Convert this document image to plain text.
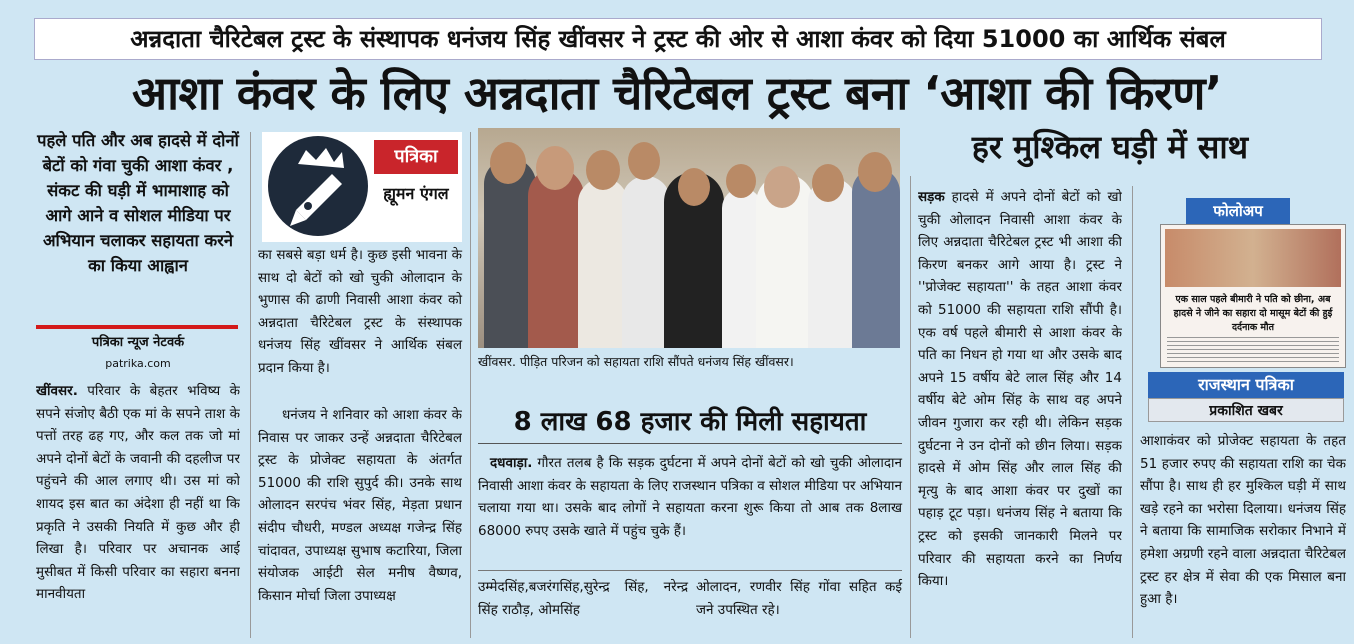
अन्नदाता चैरिटेबल ट्रस्ट के संस्थापक धनंजय सिंह खींवसर ने ट्रस्ट की ओर से आशा कंवर को दिया 51000 का आर्थिक संबल
आशा कंवर के लिए अन्नदाता चैरिटेबल ट्रस्ट बना ‘आशा की किरण’
पहले पति और अब हादसे में दोनों बेटों को गंवा चुकी आशा कंवर , संकट की घड़ी में भामाशाह को आगे आने व सोशल मीडिया पर अभियान चलाकर सहायता करने का किया आह्वान
पत्रिका न्यूज नेटवर्क
patrika.com
खींवसर. परिवार के बेहतर भविष्य के सपने संजोए बैठी एक मां के सपने ताश के पत्तों तरह ढह गए, और कल तक जो मां अपने दोनों बेटों के जवानी की दहलीज पर पहुंचने की आल लगाए थी। उस मां को शायद इस बात का अंदेशा ही नहीं था कि प्रकृति ने उसकी नियति में कुछ और ही लिखा है। परिवार पर अचानक आई मुसीबत में किसी परिवार का सहारा बनना मानवीयता
पत्रिका
ह्यूमन एंगल
का सबसे बड़ा धर्म है। कुछ इसी भावना के साथ दो बेटों को खो चुकी ओलादान के भुणास की ढाणी निवासी आशा कंवर को अन्नदाता चैरिटेबल ट्रस्ट के संस्थापक धनंजय सिंह खींवसर ने आर्थिक संबल प्रदान किया है।
धनंजय ने शनिवार को आशा कंवर के निवास पर जाकर उन्हें अन्नदाता चैरिटेबल ट्रस्ट के प्रोजेक्ट सहायता के अंतर्गत 51000 की राशि सुपुर्द की। उनके साथ ओलादन सरपंच भंवर सिंह, मेड़ता प्रधान संदीप चौधरी, मण्डल अध्यक्ष गजेन्द्र सिंह चांदावत, उपाध्यक्ष सुभाष कटारिया, जिला संयोजक आईटी सेल मनीष वैष्णव, किसान मोर्चा जिला उपाध्यक्ष
खींवसर. पीड़ित परिजन को सहायता राशि सौंपते धनंजय सिंह खींवसर।
8 लाख 68 हजार की मिली सहायता
दधवाड़ा. गौरत तलब है कि सड़क दुर्घटना में अपने दोनों बेटों को खो चुकी ओलादान निवासी आशा कंवर के सहायता के लिए राजस्थान पत्रिका व सोशल मीडिया पर अभियान चलाया गया था। उसके बाद लोगों ने सहायता करना शुरू किया तो आब तक 8लाख 68000 रुपए उसके खाते में पहुंच चुके हैं।
उम्मेदसिंह,बजरंगसिंह,सुरेन्द्र सिंह, नरेन्द्र सिंह राठौड़, ओमसिंह
ओलादन, रणवीर सिंह गोंवा सहित कई जने उपस्थित रहे।
हर मुश्किल घड़ी में साथ
सड़क हादसे में अपने दोनों बेटों को खो चुकी ओलादन निवासी आशा कंवर के लिए अन्नदाता चैरिटेबल ट्रस्ट भी आशा की किरण बनकर आगे आया है। ट्रस्ट ने ''प्रोजेक्ट सहायता'' के तहत आशा कंवर को 51000 की सहायता राशि सौंपी है। एक वर्ष पहले बीमारी से आशा कंवर के पति का निधन हो गया था और उसके बाद अपने 15 वर्षीय बेटे लाल सिंह और 14 वर्षीय बेटे ओम सिंह के साथ वह अपने जीवन गुजारा कर रही थी। लेकिन सड़क दुर्घटना ने उन दोनों को छीन लिया। सड़क हादसे में ओम सिंह और लाल सिंह की मृत्यु के बाद आशा कंवर पर दुखों का पहाड़ टूट पड़ा। धनंजय सिंह ने बताया कि ट्रस्ट को इसकी जानकारी मिलने पर परिवार की सहायता करने का निर्णय किया।
फोलोअप
एक साल पहले बीमारी ने पति को छीना, अब हादसे ने जीने का सहारा दो मासूम बेटों की हुई दर्दनाक मौत
राजस्थान पत्रिका
प्रकाशित खबर
आशाकंवर को प्रोजेक्ट सहायता के तहत 51 हजार रुपए की सहायता राशि का चेक सौंपा है। साथ ही हर मुश्किल घड़ी में साथ खड़े रहने का भरोसा दिलाया। धनंजय सिंह ने बताया कि सामाजिक सरोकार निभाने में हमेशा अग्रणी रहने वाला अन्नदाता चैरिटेबल ट्रस्ट हर क्षेत्र में सेवा की एक मिसाल बना हुआ है।
